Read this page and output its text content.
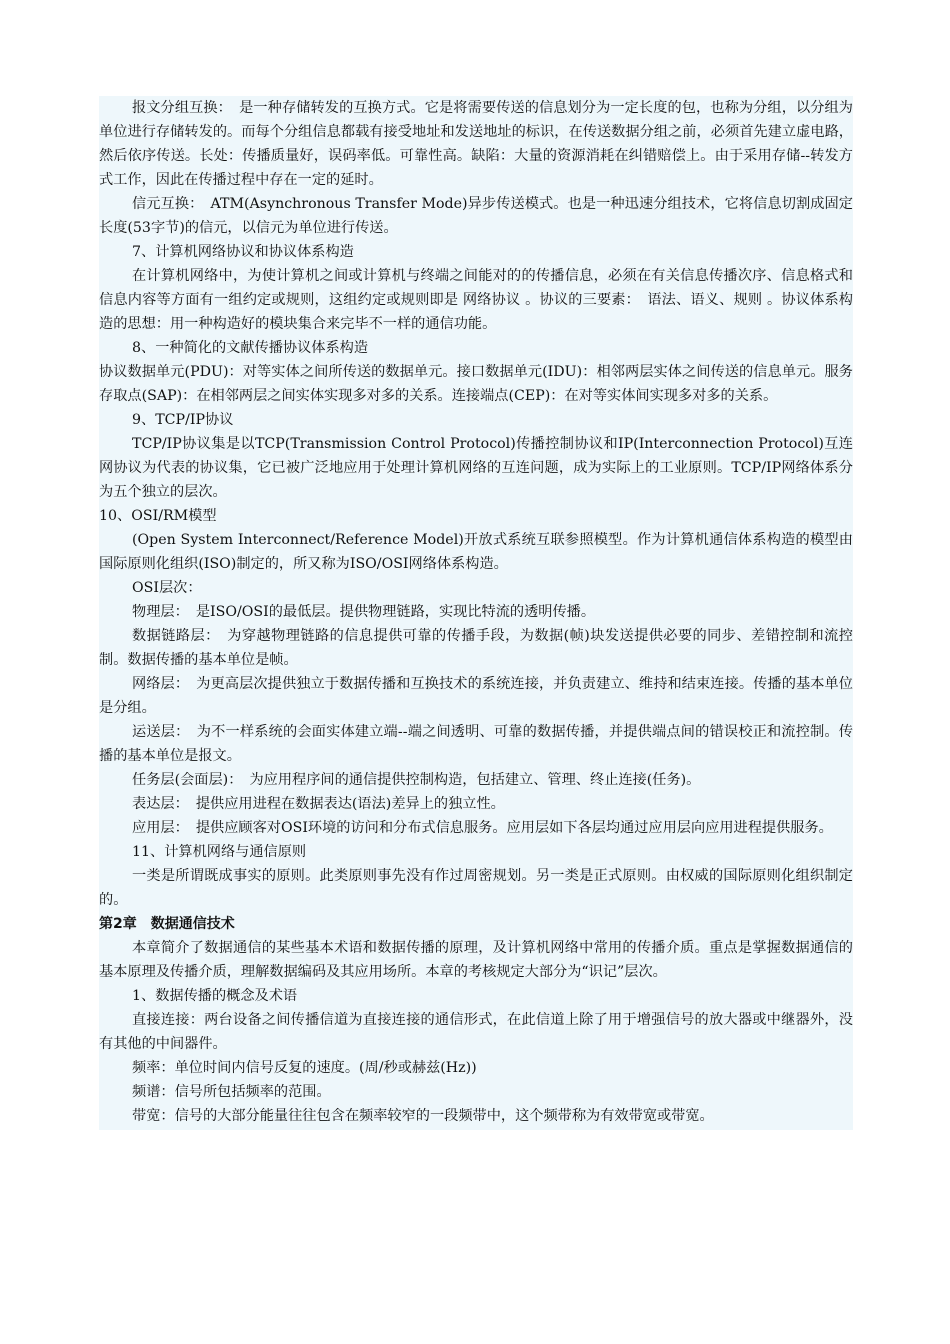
报文分组互换：　是一种存储转发的互换方式。它是将需要传送的信息划分为一定长度的包，也称为分组，以分组为单位进行存储转发的。而每个分组信息都载有接受地址和发送地址的标识，在传送数据分组之前，必须首先建立虚电路，然后依序传送。长处：传播质量好，误码率低。可靠性高。缺陷：大量的资源消耗在纠错赔偿上。由于采用存储--转发方式工作，因此在传播过程中存在一定的延时。

信元互换：　ATM(Asynchronous Transfer Mode)异步传送模式。也是一种迅速分组技术，它将信息切割成固定长度(53字节)的信元，以信元为单位进行传送。

7、计算机网络协议和协议体系构造

在计算机网络中，为使计算机之间或计算机与终端之间能对的的传播信息，必须在有关信息传播次序、信息格式和信息内容等方面有一组约定或规则，这组约定或规则即是 网络协议 。协议的三要素：　语法、语义、规则 。协议体系构造的思想：用一种构造好的模块集合来完毕不一样的通信功能。

8、一种简化的文献传播协议体系构造

协议数据单元(PDU)：对等实体之间所传送的数据单元。接口数据单元(IDU)：相邻两层实体之间传送的信息单元。服务存取点(SAP)：在相邻两层之间实体实现多对多的关系。连接端点(CEP)：在对等实体间实现多对多的关系。

9、TCP/IP协议

TCP/IP协议集是以TCP(Transmission Control Protocol)传播控制协议和IP(Interconnection Protocol)互连网协议为代表的协议集，它已被广泛地应用于处理计算机网络的互连问题，成为实际上的工业原则。TCP/IP网络体系分为五个独立的层次。

10、OSI/RM模型

(Open System Interconnect/Reference Model)开放式系统互联参照模型。作为计算机通信体系构造的模型由国际原则化组织(ISO)制定的，所又称为ISO/OSI网络体系构造。

OSI层次：

物理层：　是ISO/OSI的最低层。提供物理链路，实现比特流的透明传播。

数据链路层：　为穿越物理链路的信息提供可靠的传播手段，为数据(帧)块发送提供必要的同步、差错控制和流控制。数据传播的基本单位是帧。

网络层：　为更高层次提供独立于数据传播和互换技术的系统连接，并负责建立、维持和结束连接。传播的基本单位是分组。

运送层：　为不一样系统的会面实体建立端--端之间透明、可靠的数据传播，并提供端点间的错误校正和流控制。传播的基本单位是报文。

任务层(会面层)：　为应用程序间的通信提供控制构造，包括建立、管理、终止连接(任务)。

表达层：　提供应用进程在数据表达(语法)差异上的独立性。

应用层：　提供应顾客对OSI环境的访问和分布式信息服务。应用层如下各层均通过应用层向应用进程提供服务。

11、计算机网络与通信原则

一类是所谓既成事实的原则。此类原则事先没有作过周密规划。另一类是正式原则。由权威的国际原则化组织制定的。

第2章　数据通信技术

本章简介了数据通信的某些基本术语和数据传播的原理，及计算机网络中常用的传播介质。重点是掌握数据通信的基本原理及传播介质，理解数据编码及其应用场所。本章的考核规定大部分为“识记”层次。

1、数据传播的概念及术语

直接连接：两台设备之间传播信道为直接连接的通信形式，在此信道上除了用于增强信号的放大器或中继器外，没有其他的中间器件。

频率：单位时间内信号反复的速度。(周/秒或赫兹(Hz))

频谱：信号所包括频率的范围。

带宽：信号的大部分能量往往包含在频率较窄的一段频带中，这个频带称为有效带宽或带宽。
